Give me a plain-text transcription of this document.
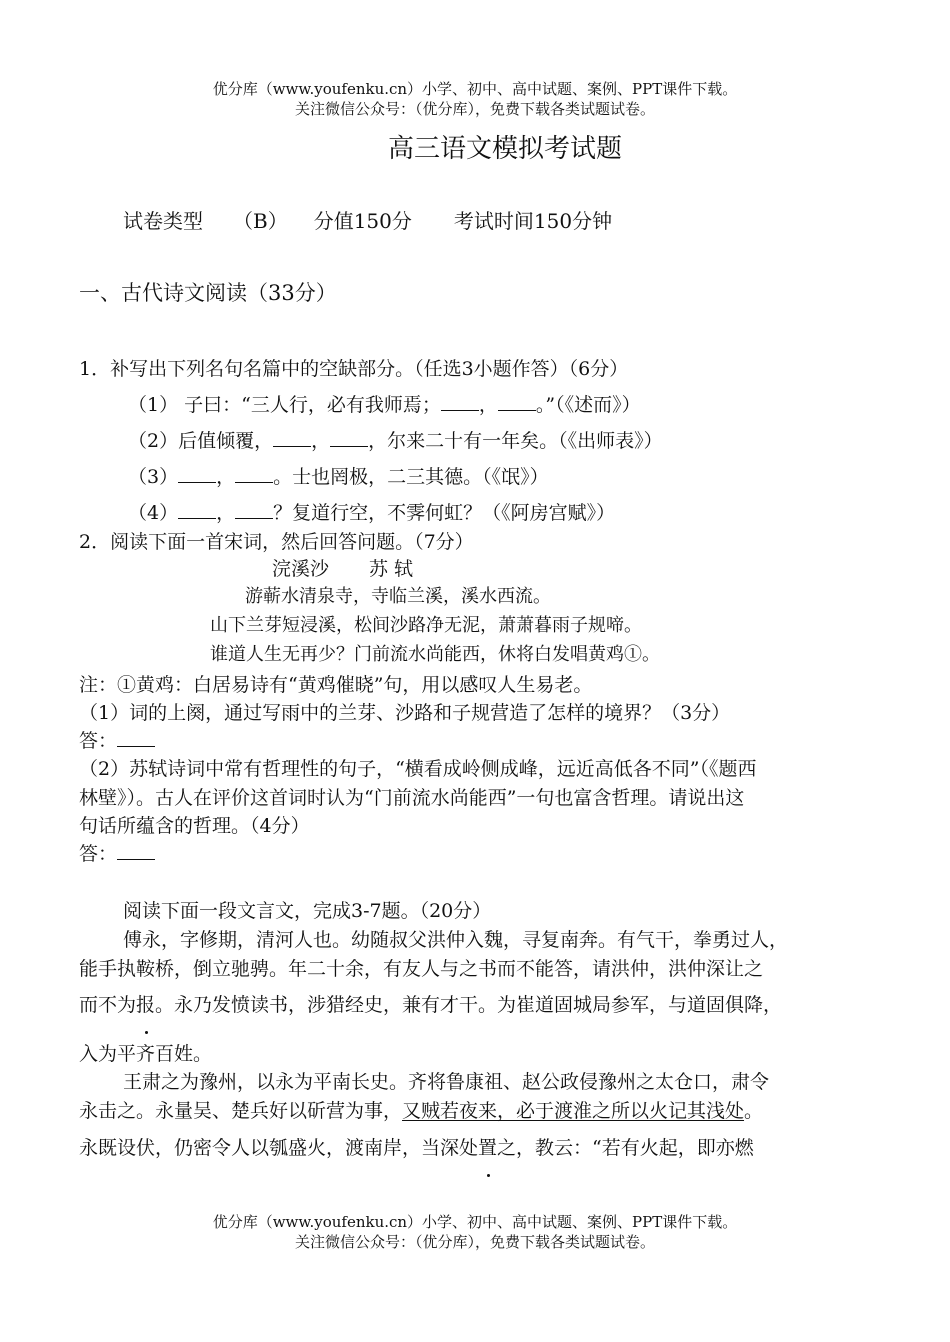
优分库（www.youfenku.cn）小学、初中、高中试题、案例、PPT课件下载。
关注微信公众号：（优分库），免费下载各类试题试卷。
高三语文模拟考试题
试卷类型 （B） 分值150分 考试时间150分钟
一、古代诗文阅读（33分）
1．补写出下列名句名篇中的空缺部分。（任选3小题作答）（6分）
（1） 子曰：“三人行，必有我师焉； ， 。”（《述而》）
（2）后值倾覆， ， ，尔来二十有一年矣。（《出师表》）
（3） ， 。士也罔极，二三其德。（《氓》）
（4） ， ？复道行空，不霁何虹？（《阿房宫赋》）
2．阅读下面一首宋词，然后回答问题。（7分）
浣溪沙 苏 轼
游蕲水清泉寺，寺临兰溪，溪水西流。
山下兰芽短浸溪，松间沙路净无泥，萧萧暮雨子规啼。
谁道人生无再少？门前流水尚能西，休将白发唱黄鸡①。
注：①黄鸡：白居易诗有“黄鸡催晓”句，用以感叹人生易老。
（1）词的上阕，通过写雨中的兰芽、沙路和子规营造了怎样的境界？（3分）
答：
（2）苏轼诗词中常有哲理性的句子，“横看成岭侧成峰，远近高低各不同”（《题西
林壁》）。古人在评价这首词时认为“门前流水尚能西”一句也富含哲理。请说出这
句话所蕴含的哲理。（4分）
答：
阅读下面一段文言文，完成3-7题。（20分）
傅永，字修期，清河人也。幼随叔父洪仲入魏，寻复南奔。有气干，拳勇过人，
能手执鞍桥，倒立驰骋。年二十余，有友人与之书而不能答，请洪仲，洪仲深让之
而不为报。永乃发愤读书，涉猎经史，兼有才干。为崔道固城局参军，与道固俱降，
入为平齐百姓。
王肃之为豫州，以永为平南长史。齐将鲁康祖、赵公政侵豫州之太仓口，肃令
永击之。永量吴、楚兵好以斫营为事，又贼若夜来，必于渡淮之所以火记其浅处。
永既设伏，仍密令人以瓠盛火，渡南岸，当深处置之，教云：“若有火起，即亦燃
优分库（www.youfenku.cn）小学、初中、高中试题、案例、PPT课件下载。
关注微信公众号：（优分库），免费下载各类试题试卷。
